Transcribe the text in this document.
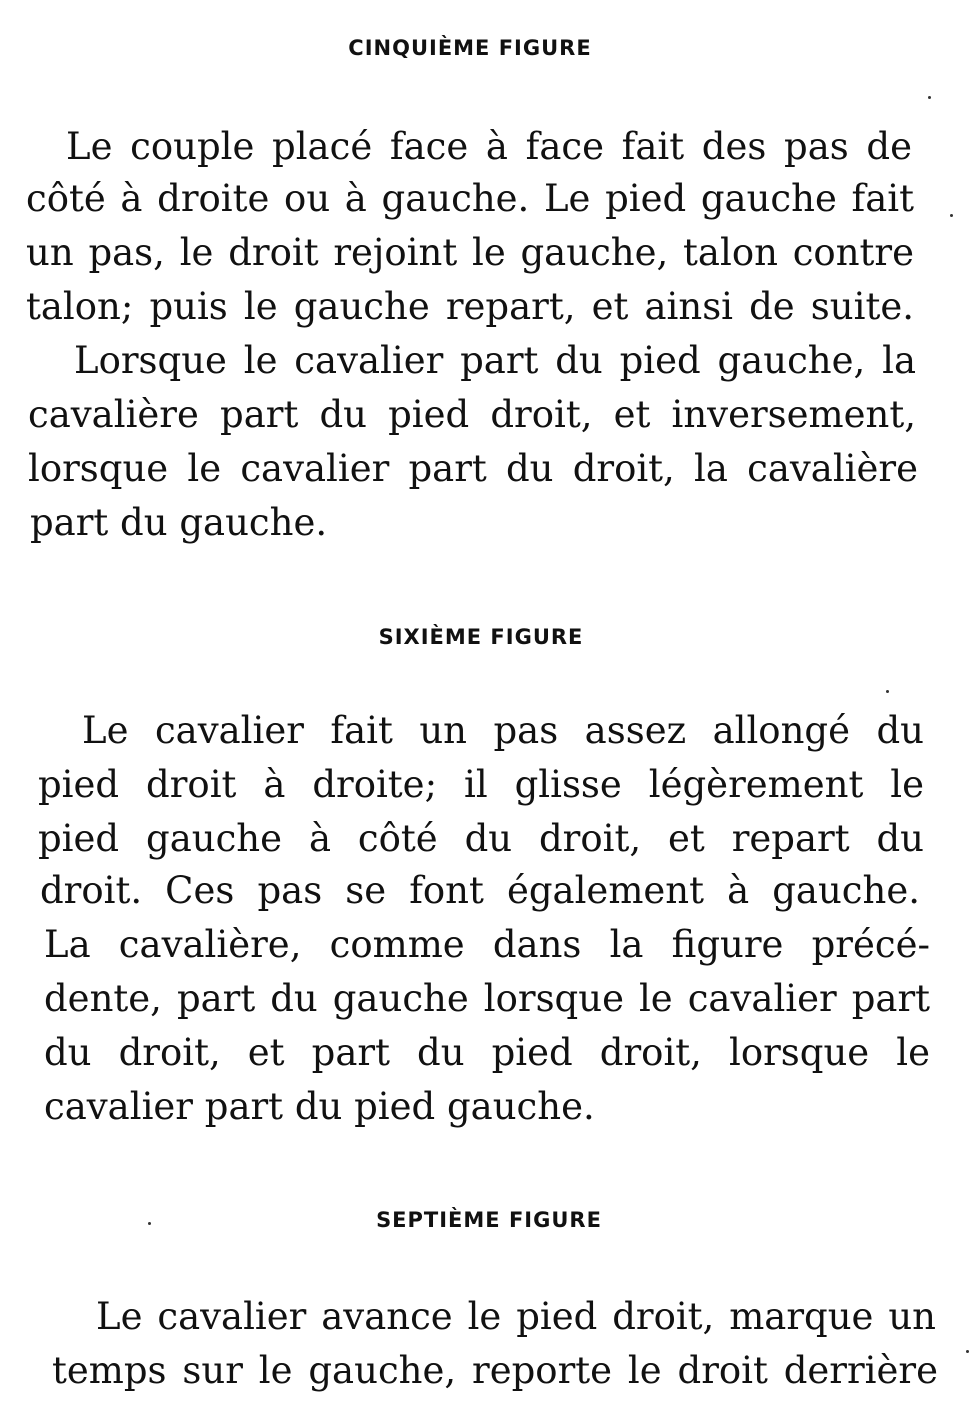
CINQUIÈME FIGURE

Le couple placé face à face fait des pas de

côté à droite ou à gauche. Le pied gauche fait

un pas, le droit rejoint le gauche, talon contre

talon; puis le gauche repart, et ainsi de suite.

Lorsque le cavalier part du pied gauche, la

cavalière part du pied droit, et inversement,

lorsque le cavalier part du droit, la cavalière

part du gauche.

SIXIÈME FIGURE

Le cavalier fait un pas assez allongé du

pied droit à droite; il glisse légèrement le

pied gauche à côté du droit, et repart du

droit. Ces pas se font également à gauche.

La cavalière, comme dans la figure précé-

dente, part du gauche lorsque le cavalier part

du droit, et part du pied droit, lorsque le

cavalier part du pied gauche.

SEPTIÈME FIGURE

Le cavalier avance le pied droit, marque un

temps sur le gauche, reporte le droit derrière
